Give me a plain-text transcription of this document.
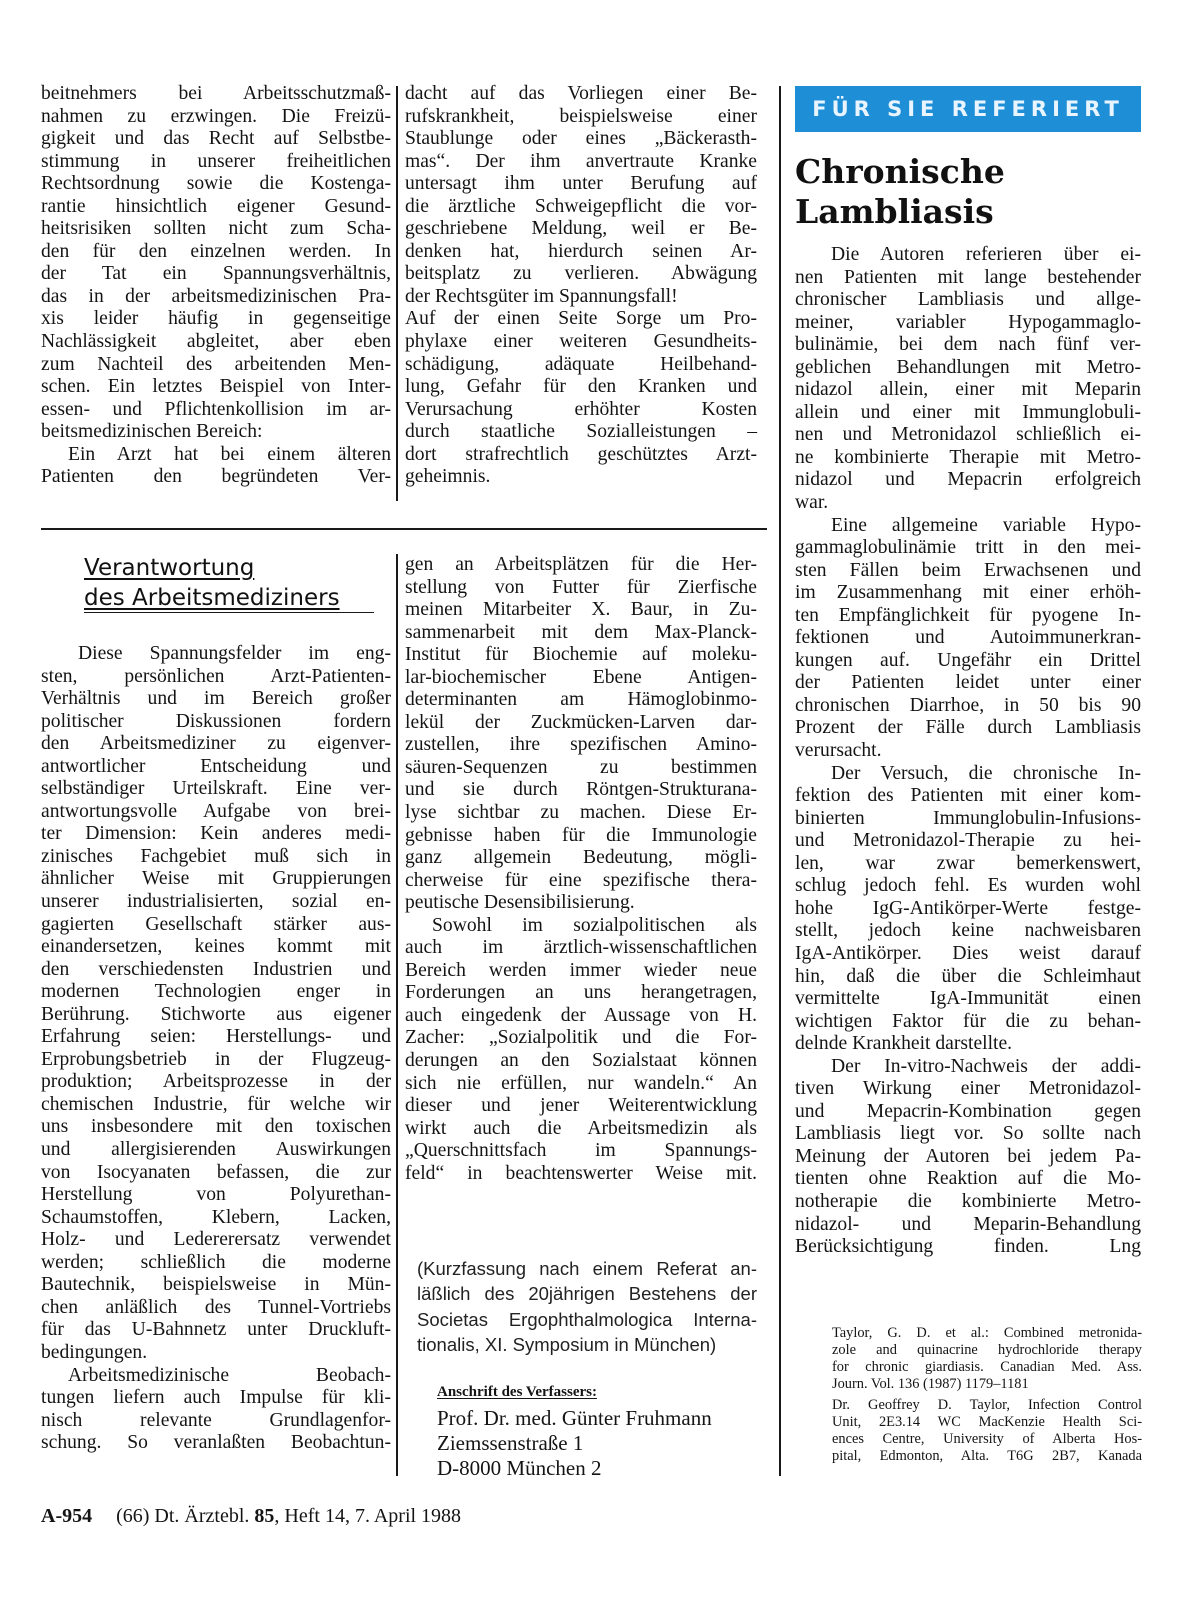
beitnehmers bei Arbeitsschutzmaß-
nahmen zu erzwingen. Die Freizü-
gigkeit und das Recht auf Selbstbe-
stimmung in unserer freiheitlichen
Rechtsordnung sowie die Kostenga-
rantie hinsichtlich eigener Gesund-
heitsrisiken sollten nicht zum Scha-
den für den einzelnen werden. In
der Tat ein Spannungsverhältnis,
das in der arbeitsmedizinischen Pra-
xis leider häufig in gegenseitige
Nachlässigkeit abgleitet, aber eben
zum Nachteil des arbeitenden Men-
schen. Ein letztes Beispiel von Inter-
essen- und Pflichtenkollision im ar-
beitsmedizinischen Bereich:
Ein Arzt hat bei einem älteren
Patienten den begründeten Ver-
dacht auf das Vorliegen einer Be-
rufskrankheit, beispielsweise einer
Staublunge oder eines „Bäckerasth-
mas“. Der ihm anvertraute Kranke
untersagt ihm unter Berufung auf
die ärztliche Schweigepflicht die vor-
geschriebene Meldung, weil er Be-
denken hat, hierdurch seinen Ar-
beitsplatz zu verlieren. Abwägung
der Rechtsgüter im Spannungsfall!
Auf der einen Seite Sorge um Pro-
phylaxe einer weiteren Gesundheits-
schädigung, adäquate Heilbehand-
lung, Gefahr für den Kranken und
Verursachung erhöhter Kosten
durch staatliche Sozialleistungen –
dort strafrechtlich geschütztes Arzt-
geheimnis.
Verantwortung
des Arbeitsmediziners
Diese Spannungsfelder im eng-
sten, persönlichen Arzt-Patienten-
Verhältnis und im Bereich großer
politischer Diskussionen fordern
den Arbeitsmediziner zu eigenver-
antwortlicher Entscheidung und
selbständiger Urteilskraft. Eine ver-
antwortungsvolle Aufgabe von brei-
ter Dimension: Kein anderes medi-
zinisches Fachgebiet muß sich in
ähnlicher Weise mit Gruppierungen
unserer industrialisierten, sozial en-
gagierten Gesellschaft stärker aus-
einandersetzen, keines kommt mit
den verschiedensten Industrien und
modernen Technologien enger in
Berührung. Stichworte aus eigener
Erfahrung seien: Herstellungs- und
Erprobungsbetrieb in der Flugzeug-
produktion; Arbeitsprozesse in der
chemischen Industrie, für welche wir
uns insbesondere mit den toxischen
und allergisierenden Auswirkungen
von Isocyanaten befassen, die zur
Herstellung von Polyurethan-
Schaumstoffen, Klebern, Lacken,
Holz- und Ledererersatz verwendet
werden; schließlich die moderne
Bautechnik, beispielsweise in Mün-
chen anläßlich des Tunnel-Vortriebs
für das U-Bahnnetz unter Druckluft-
bedingungen.
Arbeitsmedizinische Beobach-
tungen liefern auch Impulse für kli-
nisch relevante Grundlagenfor-
schung. So veranlaßten Beobachtun-
gen an Arbeitsplätzen für die Her-
stellung von Futter für Zierfische
meinen Mitarbeiter X. Baur, in Zu-
sammenarbeit mit dem Max-Planck-
Institut für Biochemie auf moleku-
lar-biochemischer Ebene Antigen-
determinanten am Hämoglobinmo-
lekül der Zuckmücken-Larven dar-
zustellen, ihre spezifischen Amino-
säuren-Sequenzen zu bestimmen
und sie durch Röntgen-Strukturana-
lyse sichtbar zu machen. Diese Er-
gebnisse haben für die Immunologie
ganz allgemein Bedeutung, mögli-
cherweise für eine spezifische thera-
peutische Desensibilisierung.
Sowohl im sozialpolitischen als
auch im ärztlich-wissenschaftlichen
Bereich werden immer wieder neue
Forderungen an uns herangetragen,
auch eingedenk der Aussage von H.
Zacher: „Sozialpolitik und die For-
derungen an den Sozialstaat können
sich nie erfüllen, nur wandeln.“ An
dieser und jener Weiterentwicklung
wirkt auch die Arbeitsmedizin als
„Querschnittsfach im Spannungs-
feld“ in beachtenswerter Weise mit.
(Kurzfassung nach einem Referat an-
läßlich des 20jährigen Bestehens der
Societas Ergophthalmologica Interna-
tionalis, XI. Symposium in München)
Anschrift des Verfassers:
Prof. Dr. med. Günter Fruhmann
Ziemssenstraße 1
D-8000 München 2
FÜR SIE REFERIERT
Chronische
Lambliasis
Die Autoren referieren über ei-
nen Patienten mit lange bestehender
chronischer Lambliasis und allge-
meiner, variabler Hypogammaglo-
bulinämie, bei dem nach fünf ver-
geblichen Behandlungen mit Metro-
nidazol allein, einer mit Meparin
allein und einer mit Immunglobuli-
nen und Metronidazol schließlich ei-
ne kombinierte Therapie mit Metro-
nidazol und Mepacrin erfolgreich
war.
Eine allgemeine variable Hypo-
gammaglobulinämie tritt in den mei-
sten Fällen beim Erwachsenen und
im Zusammenhang mit einer erhöh-
ten Empfänglichkeit für pyogene In-
fektionen und Autoimmunerkran-
kungen auf. Ungefähr ein Drittel
der Patienten leidet unter einer
chronischen Diarrhoe, in 50 bis 90
Prozent der Fälle durch Lambliasis
verursacht.
Der Versuch, die chronische In-
fektion des Patienten mit einer kom-
binierten Immunglobulin-Infusions-
und Metronidazol-Therapie zu hei-
len, war zwar bemerkenswert,
schlug jedoch fehl. Es wurden wohl
hohe IgG-Antikörper-Werte festge-
stellt, jedoch keine nachweisbaren
IgA-Antikörper. Dies weist darauf
hin, daß die über die Schleimhaut
vermittelte IgA-Immunität einen
wichtigen Faktor für die zu behan-
delnde Krankheit darstellte.
Der In-vitro-Nachweis der addi-
tiven Wirkung einer Metronidazol-
und Mepacrin-Kombination gegen
Lambliasis liegt vor. So sollte nach
Meinung der Autoren bei jedem Pa-
tienten ohne Reaktion auf die Mo-
notherapie die kombinierte Metro-
nidazol- und Meparin-Behandlung
Berücksichtigung finden. Lng
Taylor, G. D. et al.: Combined metronida-
zole and quinacrine hydrochloride therapy
for chronic giardiasis. Canadian Med. Ass.
Journ. Vol. 136 (1987) 1179–1181
Dr. Geoffrey D. Taylor, Infection Control
Unit, 2E3.14 WC MacKenzie Health Sci-
ences Centre, University of Alberta Hos-
pital, Edmonton, Alta. T6G 2B7, Kanada
A-954 (66) Dt. Ärztebl. 85, Heft 14, 7. April 1988
